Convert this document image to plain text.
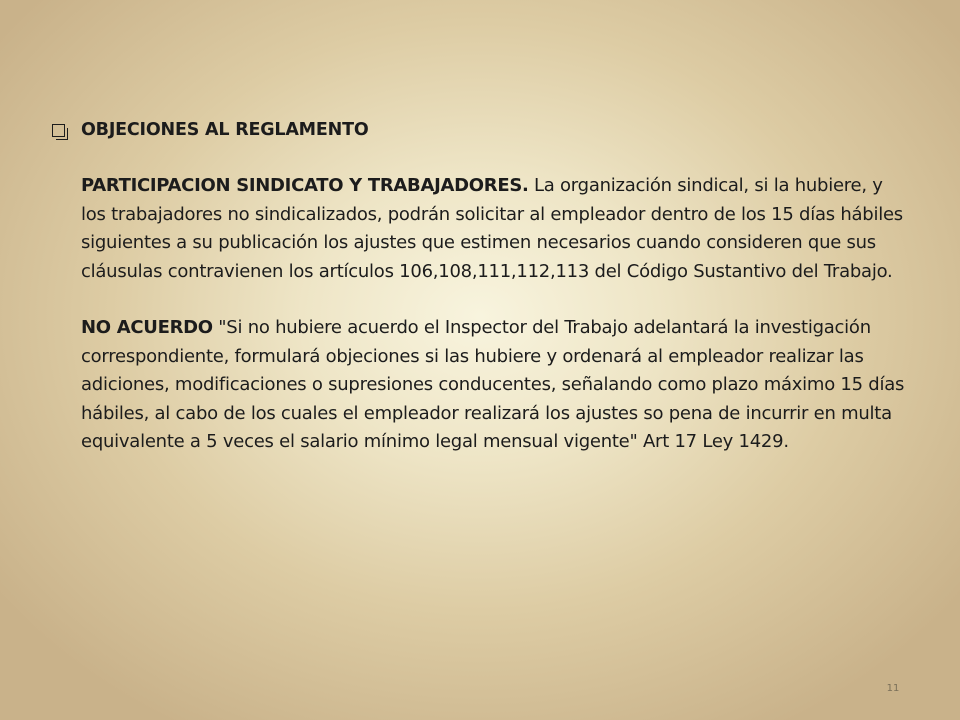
OBJECIONES AL REGLAMENTO

PARTICIPACION SINDICATO Y TRABAJADORES. La organización sindical, si la hubiere, y los trabajadores no sindicalizados, podrán solicitar al empleador dentro de los 15 días hábiles siguientes a su publicación los ajustes que estimen necesarios cuando consideren que sus cláusulas contravienen los artículos 106,108,111,112,113 del Código Sustantivo del Trabajo.

NO ACUERDO "Si no hubiere acuerdo el Inspector del Trabajo adelantará la investigación correspondiente, formulará objeciones si las hubiere y ordenará al empleador realizar las adiciones, modificaciones o supresiones conducentes, señalando como plazo máximo 15 días hábiles, al cabo de los cuales el empleador realizará los ajustes so pena de incurrir en multa equivalente a 5 veces el salario mínimo legal mensual vigente" Art 17 Ley 1429.

11
